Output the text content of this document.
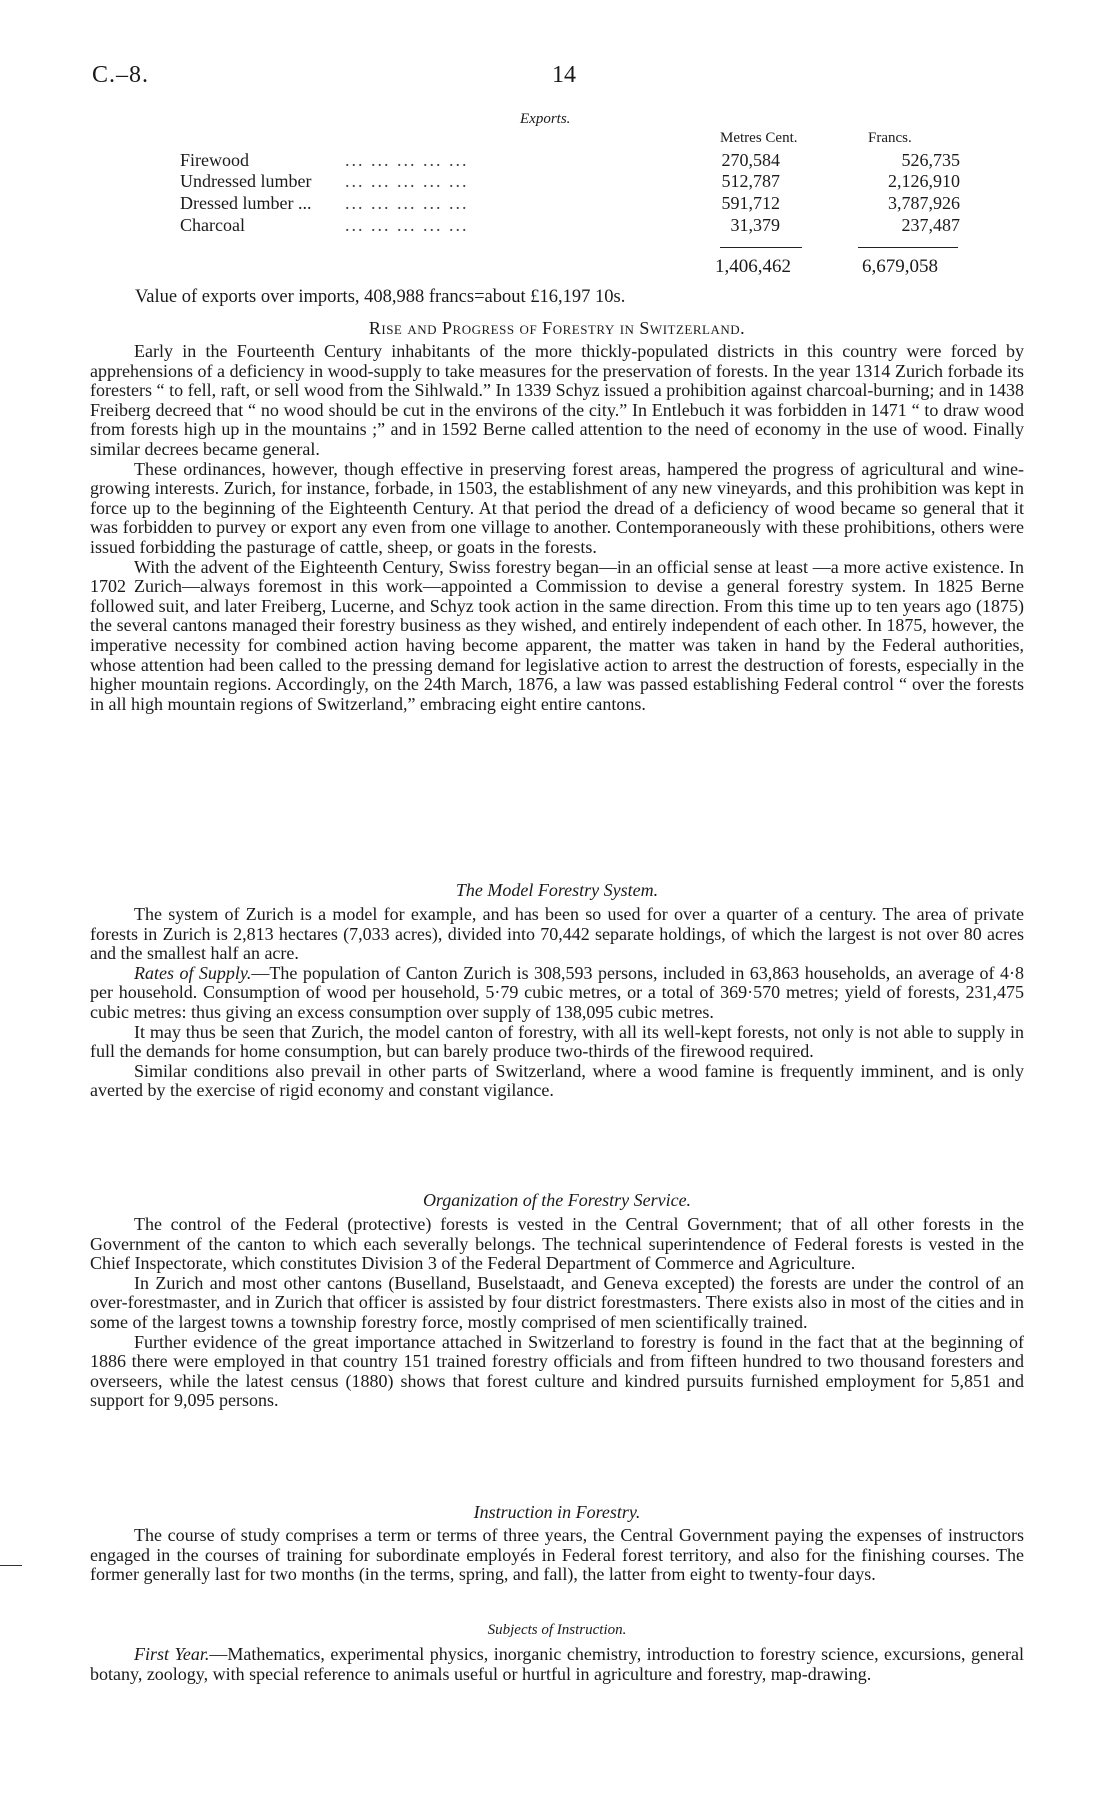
C.–8.	14
Exports.
Metres Cent.	Francs.
Firewood	... ... ... ... ...	270,584	526,735
Undressed lumber ... ... ... ... ...	512,787	2,126,910
Dressed lumber ... ... ... ... ... ...	591,712	3,787,926
Charcoal	... ... ... ... ...	31,379	237,487
1,406,462	6,679,058
Value of exports over imports, 408,988 francs=about £16,197 10s.
Rise and Progress of Forestry in Switzerland.

Early in the Fourteenth Century inhabitants of the more thickly-populated districts in this country were forced by apprehensions of a deficiency in wood-supply to take measures for the preservation of forests. In the year 1314 Zurich forbade its foresters “ to fell, raft, or sell wood from the Sihlwald.” In 1339 Schyz issued a prohibition against charcoal-burning; and in 1438 Freiberg decreed that “ no wood should be cut in the environs of the city.” In Entlebuch it was forbidden in 1471 “ to draw wood from forests high up in the mountains ;” and in 1592 Berne called attention to the need of economy in the use of wood. Finally similar decrees became general.

These ordinances, however, though effective in preserving forest areas, hampered the progress of agricultural and wine-growing interests. Zurich, for instance, forbade, in 1503, the establishment of any new vineyards, and this prohibition was kept in force up to the beginning of the Eighteenth Century. At that period the dread of a deficiency of wood became so general that it was forbidden to purvey or export any even from one village to another. Contemporaneously with these prohibitions, others were issued forbidding the pasturage of cattle, sheep, or goats in the forests.

With the advent of the Eighteenth Century, Swiss forestry began—in an official sense at least —a more active existence. In 1702 Zurich—always foremost in this work—appointed a Commission to devise a general forestry system. In 1825 Berne followed suit, and later Freiberg, Lucerne, and Schyz took action in the same direction. From this time up to ten years ago (1875) the several cantons managed their forestry business as they wished, and entirely independent of each other. In 1875, however, the imperative necessity for combined action having become apparent, the matter was taken in hand by the Federal authorities, whose attention had been called to the pressing demand for legislative action to arrest the destruction of forests, especially in the higher mountain regions. Accordingly, on the 24th March, 1876, a law was passed establishing Federal control “ over the forests in all high mountain regions of Switzerland,” embracing eight entire cantons.

The Model Forestry System.

The system of Zurich is a model for example, and has been so used for over a quarter of a century. The area of private forests in Zurich is 2,813 hectares (7,033 acres), divided into 70,442 separate holdings, of which the largest is not over 80 acres and the smallest half an acre.

Rates of Supply.—The population of Canton Zurich is 308,593 persons, included in 63,863 households, an average of 4·8 per household. Consumption of wood per household, 5·79 cubic metres, or a total of 369·570 metres; yield of forests, 231,475 cubic metres: thus giving an excess consumption over supply of 138,095 cubic metres.

It may thus be seen that Zurich, the model canton of forestry, with all its well-kept forests, not only is not able to supply in full the demands for home consumption, but can barely produce two-thirds of the firewood required.

Similar conditions also prevail in other parts of Switzerland, where a wood famine is frequently imminent, and is only averted by the exercise of rigid economy and constant vigilance.

Organization of the Forestry Service.

The control of the Federal (protective) forests is vested in the Central Government; that of all other forests in the Government of the canton to which each severally belongs. The technical superintendence of Federal forests is vested in the Chief Inspectorate, which constitutes Division 3 of the Federal Department of Commerce and Agriculture.

In Zurich and most other cantons (Buselland, Buselstaadt, and Geneva excepted) the forests are under the control of an over-forestmaster, and in Zurich that officer is assisted by four district forestmasters. There exists also in most of the cities and in some of the largest towns a township forestry force, mostly comprised of men scientifically trained.

Further evidence of the great importance attached in Switzerland to forestry is found in the fact that at the beginning of 1886 there were employed in that country 151 trained forestry officials and from fifteen hundred to two thousand foresters and overseers, while the latest census (1880) shows that forest culture and kindred pursuits furnished employment for 5,851 and support for 9,095 persons.

Instruction in Forestry.

The course of study comprises a term or terms of three years, the Central Government paying the expenses of instructors engaged in the courses of training for subordinate employés in Federal forest territory, and also for the finishing courses. The former generally last for two months (in the terms, spring, and fall), the latter from eight to twenty-four days.

Subjects of Instruction.

First Year.—Mathematics, experimental physics, inorganic chemistry, introduction to forestry science, excursions, general botany, zoology, with special reference to animals useful or hurtful in agriculture and forestry, map-drawing.
